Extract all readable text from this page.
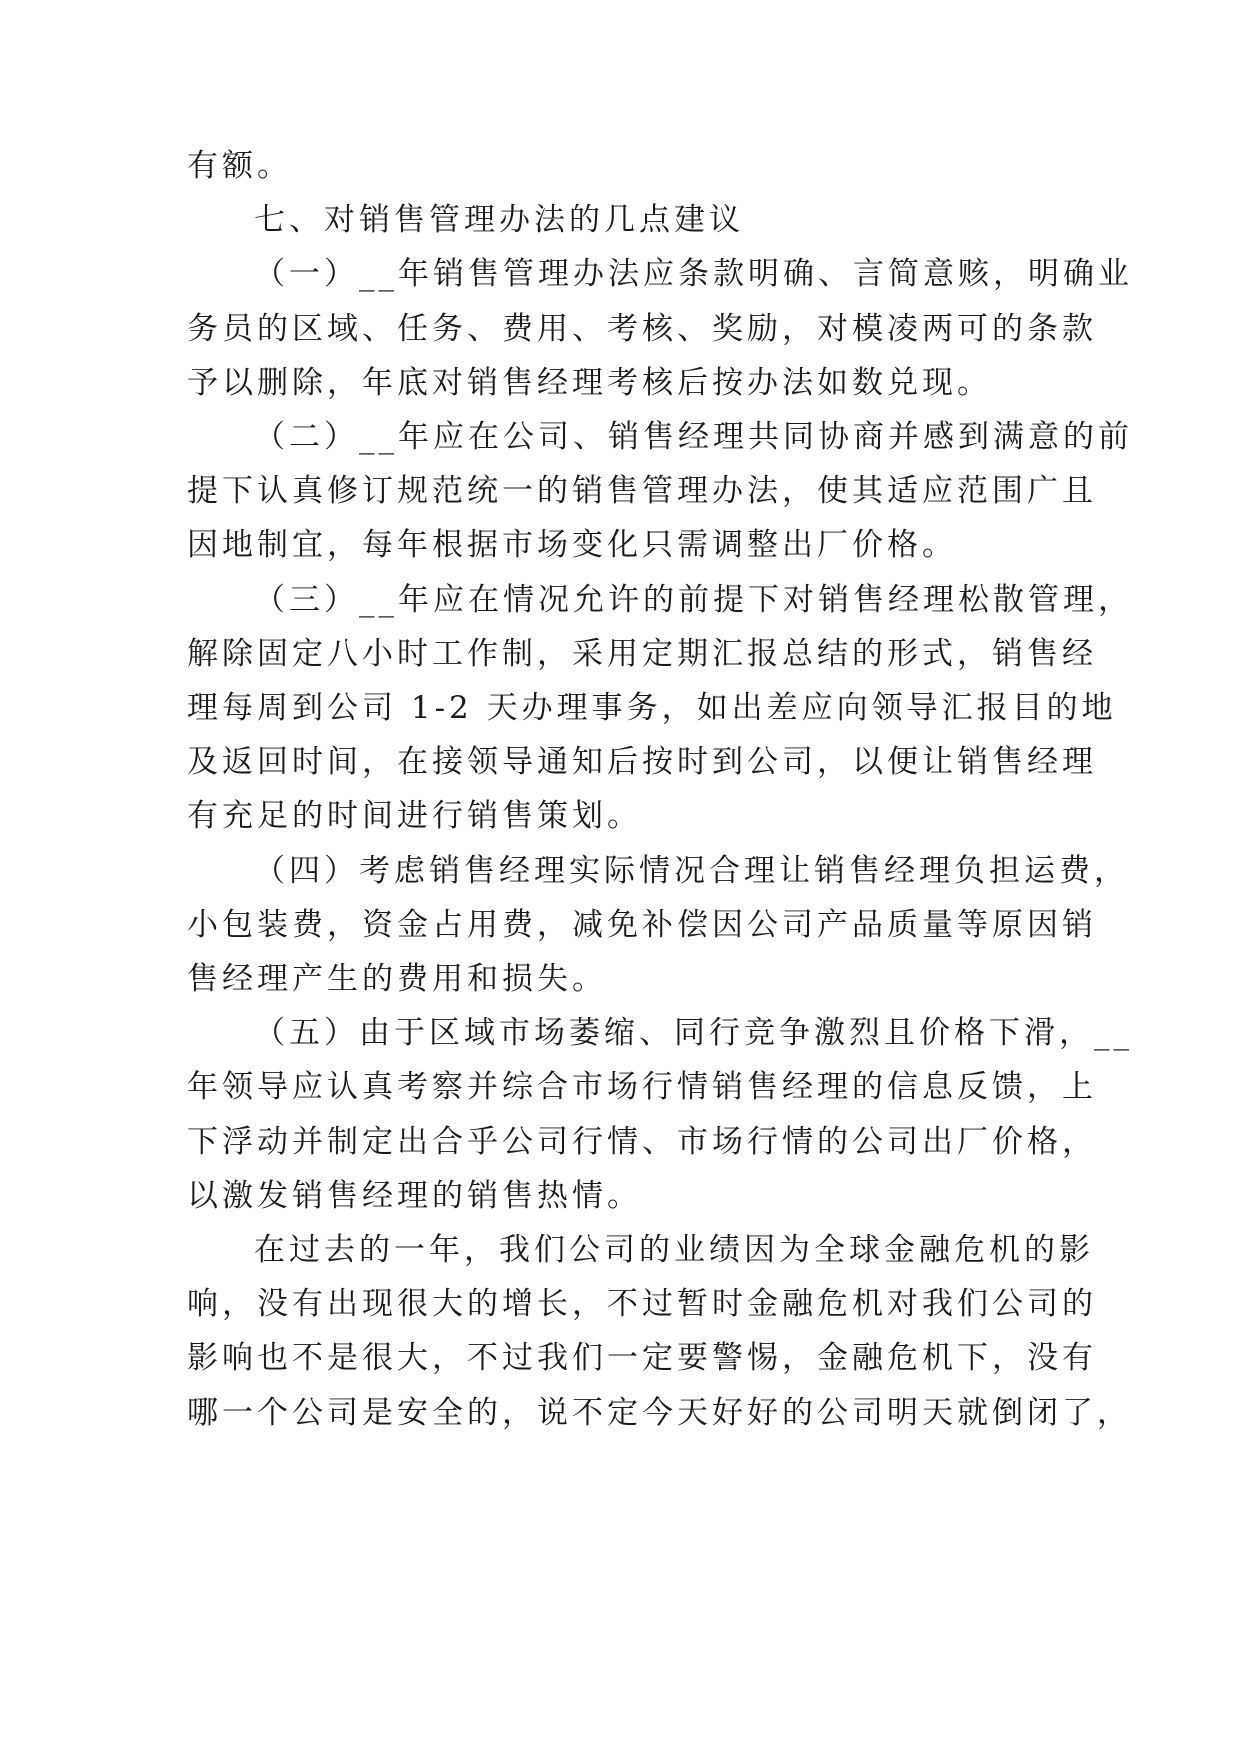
有额。
七、对销售管理办法的几点建议
（一）__年销售管理办法应条款明确、言简意赅，明确业
务员的区域、任务、费用、考核、奖励，对模凌两可的条款
予以删除，年底对销售经理考核后按办法如数兑现。
（二）__年应在公司、销售经理共同协商并感到满意的前
提下认真修订规范统一的销售管理办法，使其适应范围广且
因地制宜，每年根据市场变化只需调整出厂价格。
（三）__年应在情况允许的前提下对销售经理松散管理，
解除固定八小时工作制，采用定期汇报总结的形式，销售经
理每周到公司 1-2 天办理事务，如出差应向领导汇报目的地
及返回时间，在接领导通知后按时到公司，以便让销售经理
有充足的时间进行销售策划。
（四）考虑销售经理实际情况合理让销售经理负担运费，
小包装费，资金占用费，减免补偿因公司产品质量等原因销
售经理产生的费用和损失。
（五）由于区域市场萎缩、同行竞争激烈且价格下滑，__
年领导应认真考察并综合市场行情销售经理的信息反馈，上
下浮动并制定出合乎公司行情、市场行情的公司出厂价格，
以激发销售经理的销售热情。
在过去的一年，我们公司的业绩因为全球金融危机的影
响，没有出现很大的增长，不过暂时金融危机对我们公司的
影响也不是很大，不过我们一定要警惕，金融危机下，没有
哪一个公司是安全的，说不定今天好好的公司明天就倒闭了，
